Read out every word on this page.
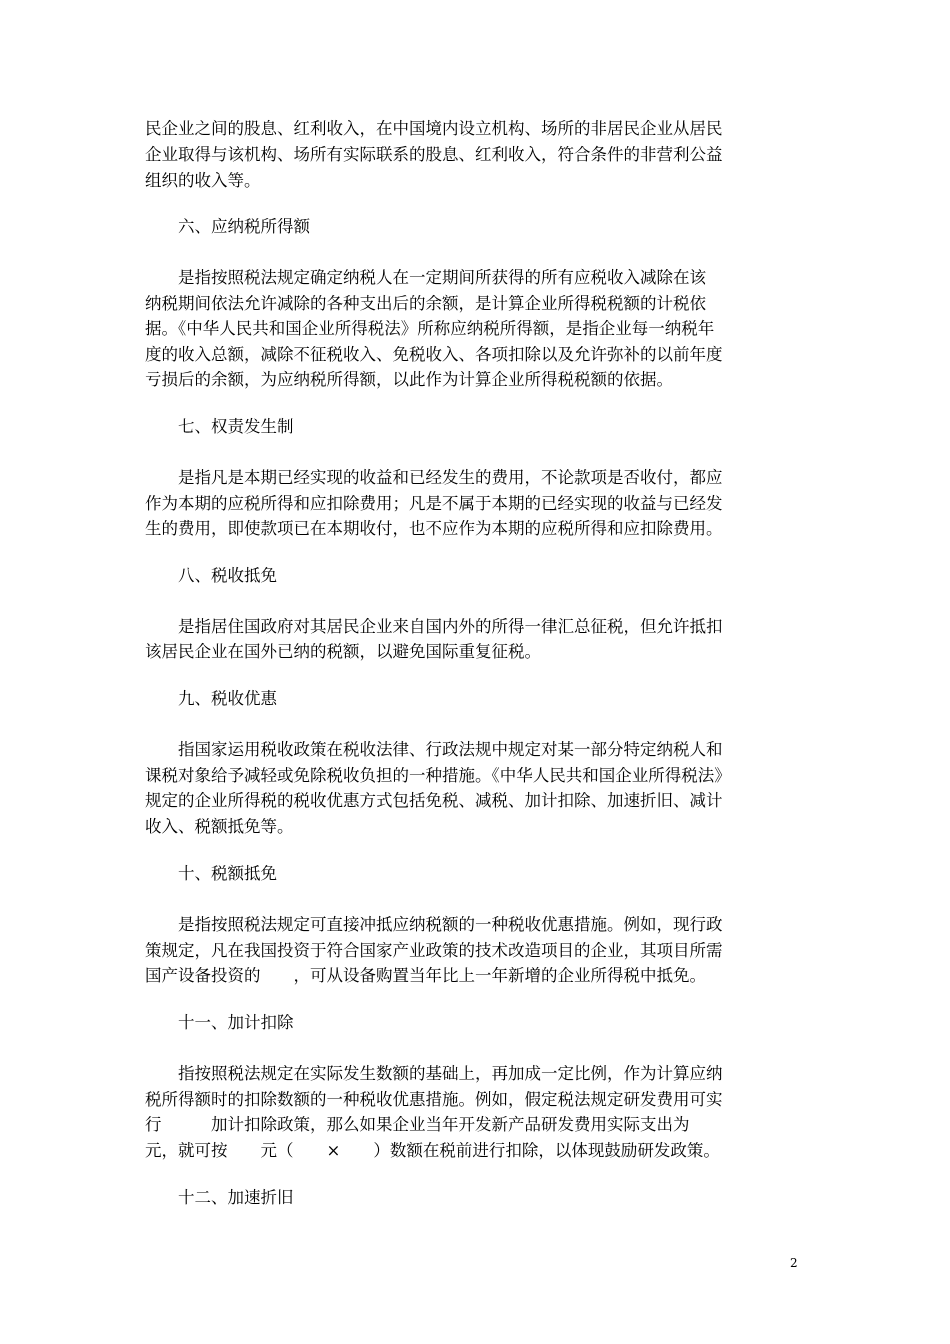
民企业之间的股息、红利收入，在中国境内设立机构、场所的非居民企业从居民
企业取得与该机构、场所有实际联系的股息、红利收入，符合条件的非营利公益
组织的收入等。
　　六、应纳税所得额
　　是指按照税法规定确定纳税人在一定期间所获得的所有应税收入减除在该
纳税期间依法允许减除的各种支出后的余额，是计算企业所得税税额的计税依
据。《中华人民共和国企业所得税法》所称应纳税所得额，是指企业每一纳税年
度的收入总额，减除不征税收入、免税收入、各项扣除以及允许弥补的以前年度
亏损后的余额，为应纳税所得额，以此作为计算企业所得税税额的依据。
　　七、权责发生制
　　是指凡是本期已经实现的收益和已经发生的费用，不论款项是否收付，都应
作为本期的应税所得和应扣除费用；凡是不属于本期的已经实现的收益与已经发
生的费用，即使款项已在本期收付，也不应作为本期的应税所得和应扣除费用。
　　八、税收抵免
　　是指居住国政府对其居民企业来自国内外的所得一律汇总征税，但允许抵扣
该居民企业在国外已纳的税额，以避免国际重复征税。
　　九、税收优惠
　　指国家运用税收政策在税收法律、行政法规中规定对某一部分特定纳税人和
课税对象给予减轻或免除税收负担的一种措施。《中华人民共和国企业所得税法》
规定的企业所得税的税收优惠方式包括免税、减税、加计扣除、加速折旧、减计
收入、税额抵免等。
　　十、税额抵免
　　是指按照税法规定可直接冲抵应纳税额的一种税收优惠措施。例如，现行政
策规定，凡在我国投资于符合国家产业政策的技术改造项目的企业，其项目所需
国产设备投资的　　，可从设备购置当年比上一年新增的企业所得税中抵免。
　　十一、加计扣除
　　指按照税法规定在实际发生数额的基础上，再加成一定比例，作为计算应纳
税所得额时的扣除数额的一种税收优惠措施。例如，假定税法规定研发费用可实
行　　　加计扣除政策，那么如果企业当年开发新产品研发费用实际支出为
元，就可按　　元（　　×　　）数额在税前进行扣除，以体现鼓励研发政策。
　　十二、加速折旧
2
